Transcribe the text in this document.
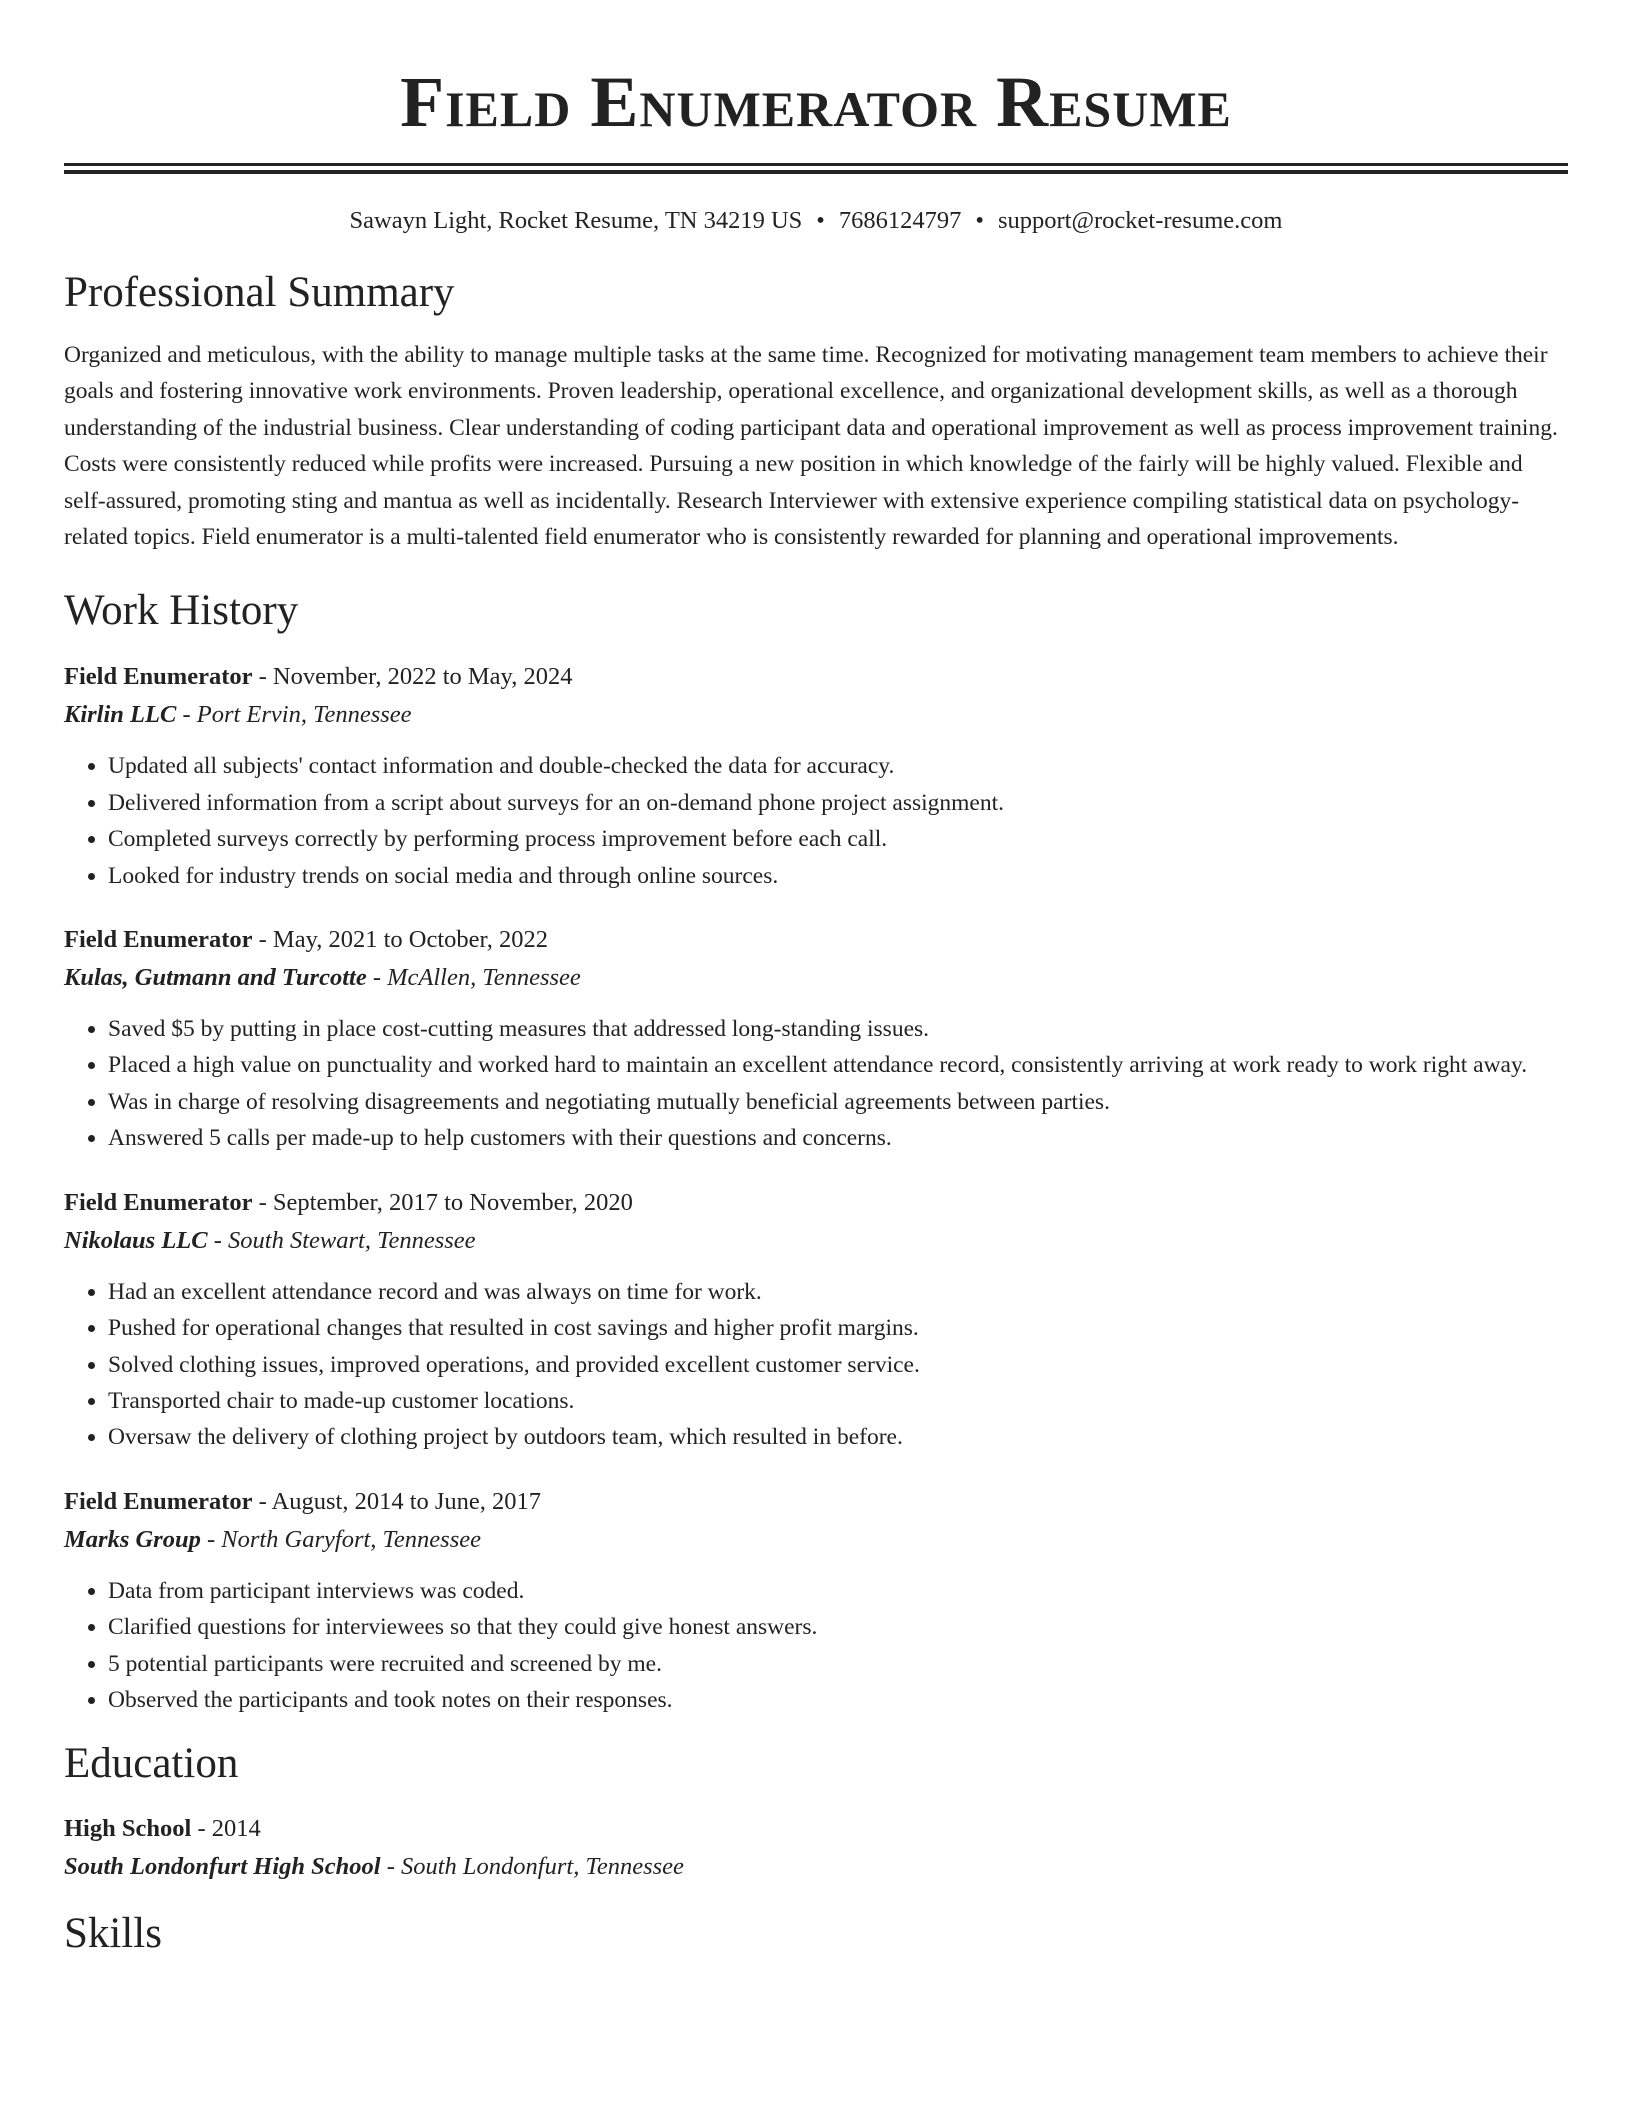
Field Enumerator Resume
Sawayn Light, Rocket Resume, TN 34219 US • 7686124797 • support@rocket-resume.com
Professional Summary

Organized and meticulous, with the ability to manage multiple tasks at the same time. Recognized for motivating management team members to achieve their goals and fostering innovative work environments. Proven leadership, operational excellence, and organizational development skills, as well as a thorough understanding of the industrial business. Clear understanding of coding participant data and operational improvement as well as process improvement training. Costs were consistently reduced while profits were increased. Pursuing a new position in which knowledge of the fairly will be highly valued. Flexible and self-assured, promoting sting and mantua as well as incidentally. Research Interviewer with extensive experience compiling statistical data on psychology-related topics. Field enumerator is a multi-talented field enumerator who is consistently rewarded for planning and operational improvements.

Work History
Field Enumerator - November, 2022 to May, 2024
Kirlin LLC - Port Ervin, Tennessee
• Updated all subjects' contact information and double-checked the data for accuracy.
• Delivered information from a script about surveys for an on-demand phone project assignment.
• Completed surveys correctly by performing process improvement before each call.
• Looked for industry trends on social media and through online sources.
Field Enumerator - May, 2021 to October, 2022
Kulas, Gutmann and Turcotte - McAllen, Tennessee
• Saved $5 by putting in place cost-cutting measures that addressed long-standing issues.
• Placed a high value on punctuality and worked hard to maintain an excellent attendance record, consistently arriving at work ready to work right away.
• Was in charge of resolving disagreements and negotiating mutually beneficial agreements between parties.
• Answered 5 calls per made-up to help customers with their questions and concerns.
Field Enumerator - September, 2017 to November, 2020
Nikolaus LLC - South Stewart, Tennessee
• Had an excellent attendance record and was always on time for work.
• Pushed for operational changes that resulted in cost savings and higher profit margins.
• Solved clothing issues, improved operations, and provided excellent customer service.
• Transported chair to made-up customer locations.
• Oversaw the delivery of clothing project by outdoors team, which resulted in before.
Field Enumerator - August, 2014 to June, 2017
Marks Group - North Garyfort, Tennessee
• Data from participant interviews was coded.
• Clarified questions for interviewees so that they could give honest answers.
• 5 potential participants were recruited and screened by me.
• Observed the participants and took notes on their responses.
Education
High School - 2014
South Londonfurt High School - South Londonfurt, Tennessee
Skills
